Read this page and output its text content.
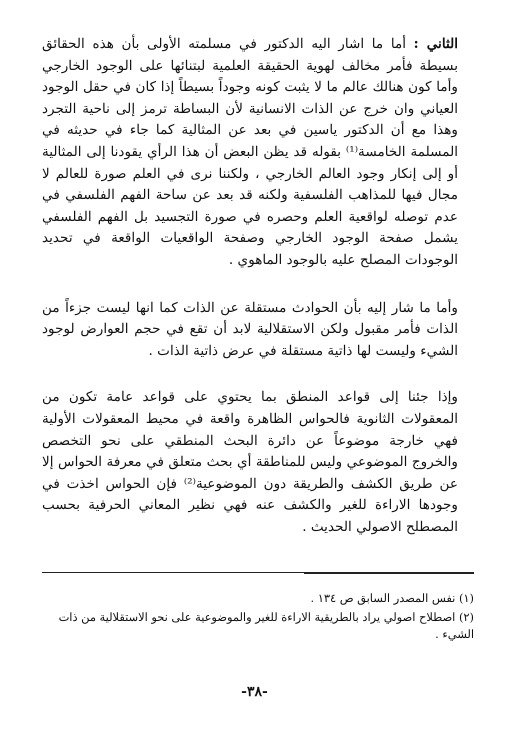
الثاني : أما ما اشار اليه الدكتور في مسلمته الأولى بأن هذه الحقائق بسيطة فأمر مخالف لهوية الحقيقة العلمية لبتنائها على الوجود الخارجي وأما كون هنالك عالم ما لا يثبت كونه وجوداً بسيطاً إذا كان في حقل الوجود العياني وان خرج عن الذات الانسانية لأن البساطة ترمز إلى ناحية التجرد وهذا مع أن الدكتور ياسين في بعد عن المثالية كما جاء في حديثه في المسلمة الخامسة⁽¹⁾ بقوله قد يظن البعض أن هذا الرأي يقودنا إلى المثالية أو إلى إنكار وجود العالم الخارجي ، ولكننا نرى في العلم صورة للعالم لا مجال فيها للمذاهب الفلسفية ولكنه قد بعد عن ساحة الفهم الفلسفي في عدم توصله لواقعية العلم وحصره في صورة التجسيد بل الفهم الفلسفي يشمل صفحة الوجود الخارجي وصفحة الواقعيات الواقعة في تحديد الوجودات المصلح عليه بالوجود الماهوي .

وأما ما شار إليه بأن الحوادث مستقلة عن الذات كما انها ليست جزءاً من الذات فأمر مقبول ولكن الاستقلالية لابد أن تقع في حجم العوارض لوجود الشيء وليست لها ذاتية مستقلة في عرض ذاتية الذات .

وإذا جئنا إلى قواعد المنطق بما يحتوي على قواعد عامة تكون من المعقولات الثانوية فالحواس الظاهرة واقعة في محيط المعقولات الأولية فهي خارجة موضوعاً عن دائرة البحث المنطقي على نحو التخصص والخروج الموضوعي وليس للمناطقة أي بحث متعلق في معرفة الحواس إلا عن طريق الكشف والطريقة دون الموضوعية⁽²⁾ فإن الحواس اخذت في وجودها الاراءة للغير والكشف عنه فهي نظير المعاني الحرفية بحسب المصطلح الاصولي الحديث .

(١) نفس المصدر السابق ص ١٣٤ .

(٢) اصطلاح اصولي يراد بالطريقية الاراءة للغير والموضوعية على نحو الاستقلالية من ذات الشيء .

-٣٨-
